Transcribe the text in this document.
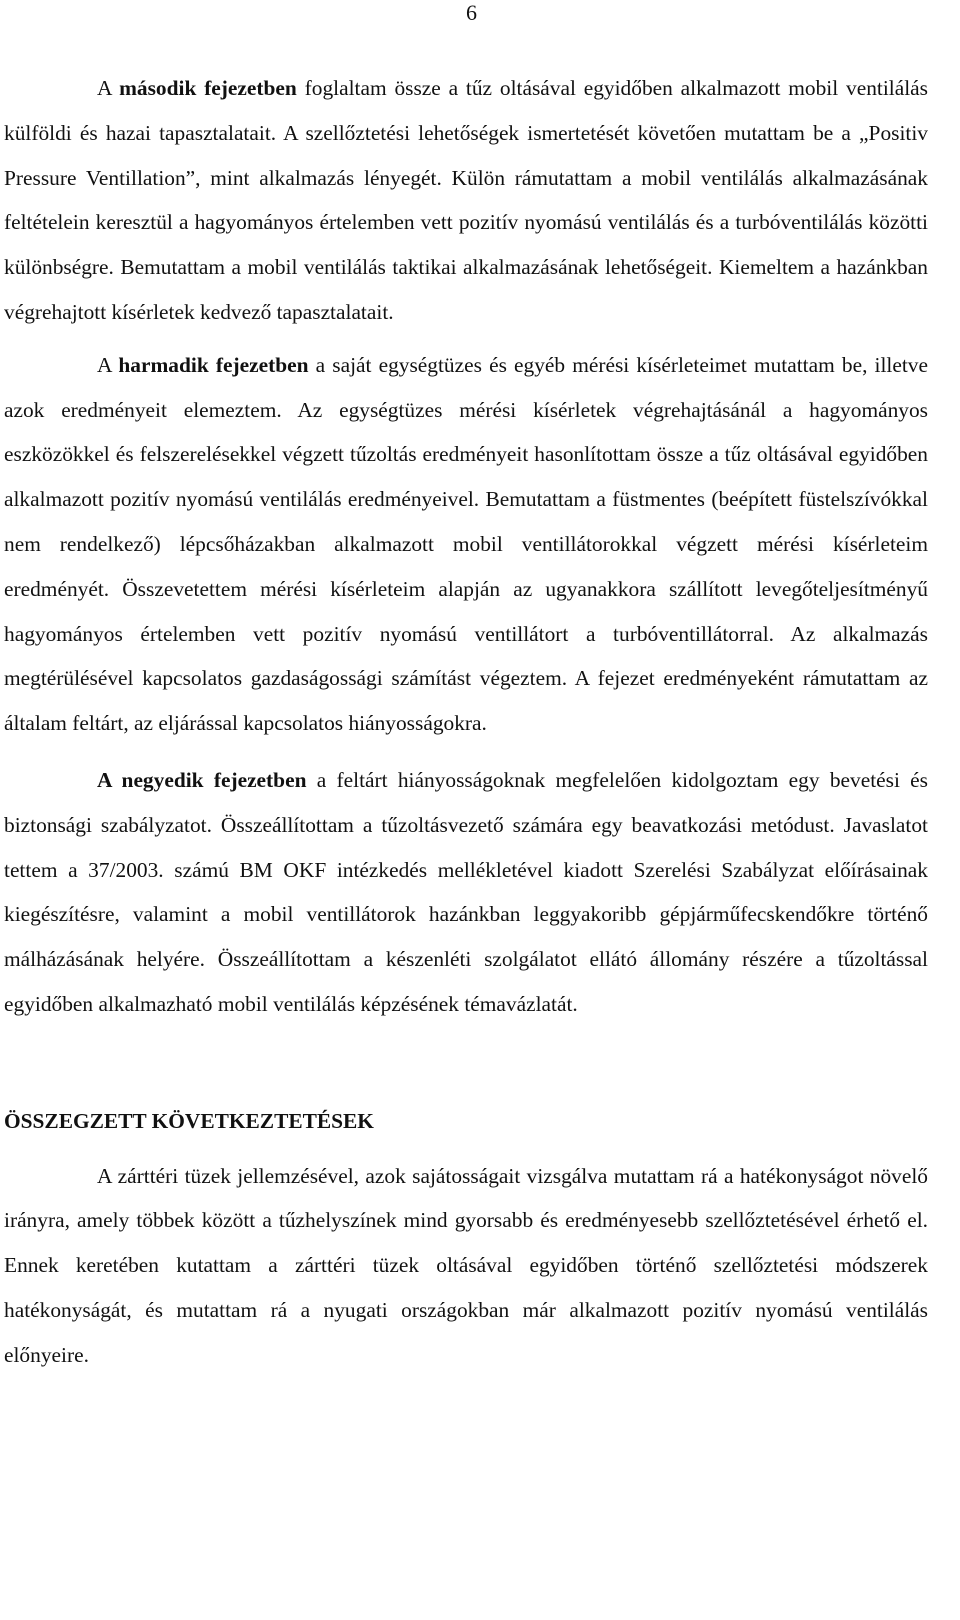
6

A második fejezetben foglaltam össze a tűz oltásával egyidőben alkalmazott mobil ventilálás külföldi és hazai tapasztalatait. A szellőztetési lehetőségek ismertetését követően mutattam be a „Positiv Pressure Ventillation”, mint alkalmazás lényegét. Külön rámutattam a mobil ventilálás alkalmazásának feltételein keresztül a hagyományos értelemben vett pozitív nyomású ventilálás és a turbóventilálás közötti különbségre. Bemutattam a mobil ventilálás taktikai alkalmazásának lehetőségeit. Kiemeltem a hazánkban végrehajtott kísérletek kedvező tapasztalatait.

A harmadik fejezetben a saját egységtüzes és egyéb mérési kísérleteimet mutattam be, illetve azok eredményeit elemeztem. Az egységtüzes mérési kísérletek végrehajtásánál a hagyományos eszközökkel és felszerelésekkel végzett tűzoltás eredményeit hasonlítottam össze a tűz oltásával egyidőben alkalmazott pozitív nyomású ventilálás eredményeivel. Bemutattam a füstmentes (beépített füstelszívókkal nem rendelkező) lépcsőházakban alkalmazott mobil ventillátorokkal végzett mérési kísérleteim eredményét. Összevetettem mérési kísérleteim alapján az ugyanakkora szállított levegőteljesítményű hagyományos értelemben vett pozitív nyomású ventillátort a turbóventillátorral. Az alkalmazás megtérülésével kapcsolatos gazdaságossági számítást végeztem. A fejezet eredményeként rámutattam az általam feltárt, az eljárással kapcsolatos hiányosságokra.

A negyedik fejezetben a feltárt hiányosságoknak megfelelően kidolgoztam egy bevetési és biztonsági szabályzatot. Összeállítottam a tűzoltásvezető számára egy beavatkozási metódust. Javaslatot tettem a 37/2003. számú BM OKF intézkedés mellékletével kiadott Szerelési Szabályzat előírásainak kiegészítésre, valamint a mobil ventillátorok hazánkban leggyakoribb gépjárműfecskendőkre történő málházásának helyére. Összeállítottam a készenléti szolgálatot ellátó állomány részére a tűzoltással egyidőben alkalmazható mobil ventilálás képzésének témavázlatát.

ÖSSZEGZETT KÖVETKEZTETÉSEK

A zárttéri tüzek jellemzésével, azok sajátosságait vizsgálva mutattam rá a hatékonyságot növelő irányra, amely többek között a tűzhelyszínek mind gyorsabb és eredményesebb szellőztetésével érhető el. Ennek keretében kutattam a zárttéri tüzek oltásával egyidőben történő szellőztetési módszerek hatékonyságát, és mutattam rá a nyugati országokban már alkalmazott pozitív nyomású ventilálás előnyeire.
